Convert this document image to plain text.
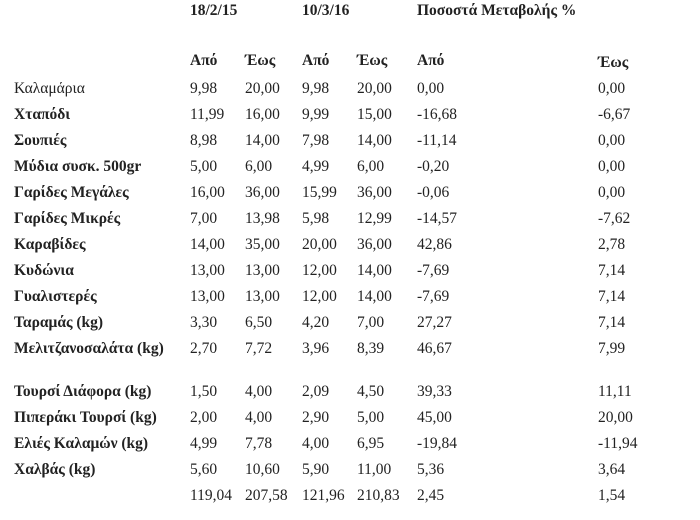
	18/2/15		10/3/16		Ποσοστά Μεταβολής %	
	Από	Έως	Από	Έως	Από	Έως
Καλαμάρια	9,98	20,00	9,98	20,00	0,00	0,00
Χταπόδι	11,99	16,00	9,99	15,00	-16,68	-6,67
Σουπιές	8,98	14,00	7,98	14,00	-11,14	0,00
Μύδια συσκ. 500gr	5,00	6,00	4,99	6,00	-0,20	0,00
Γαρίδες Μεγάλες	16,00	36,00	15,99	36,00	-0,06	0,00
Γαρίδες Μικρές	7,00	13,98	5,98	12,99	-14,57	-7,62
Καραβίδες	14,00	35,00	20,00	36,00	42,86	2,78
Κυδώνια	13,00	13,00	12,00	14,00	-7,69	7,14
Γυαλιστερές	13,00	13,00	12,00	14,00	-7,69	7,14
Ταραμάς (kg)	3,30	6,50	4,20	7,00	27,27	7,14
Μελιτζανοσαλάτα (kg)	2,70	7,72	3,96	8,39	46,67	7,99
Τουρσί Διάφορα (kg)	1,50	4,00	2,09	4,50	39,33	11,11
Πιπεράκι Τουρσί (kg)	2,00	4,00	2,90	5,00	45,00	20,00
Ελιές Καλαμών (kg)	4,99	7,78	4,00	6,95	-19,84	-11,94
Χαλβάς (kg)	5,60	10,60	5,90	11,00	5,36	3,64
	119,04	207,58	121,96	210,83	2,45	1,54
